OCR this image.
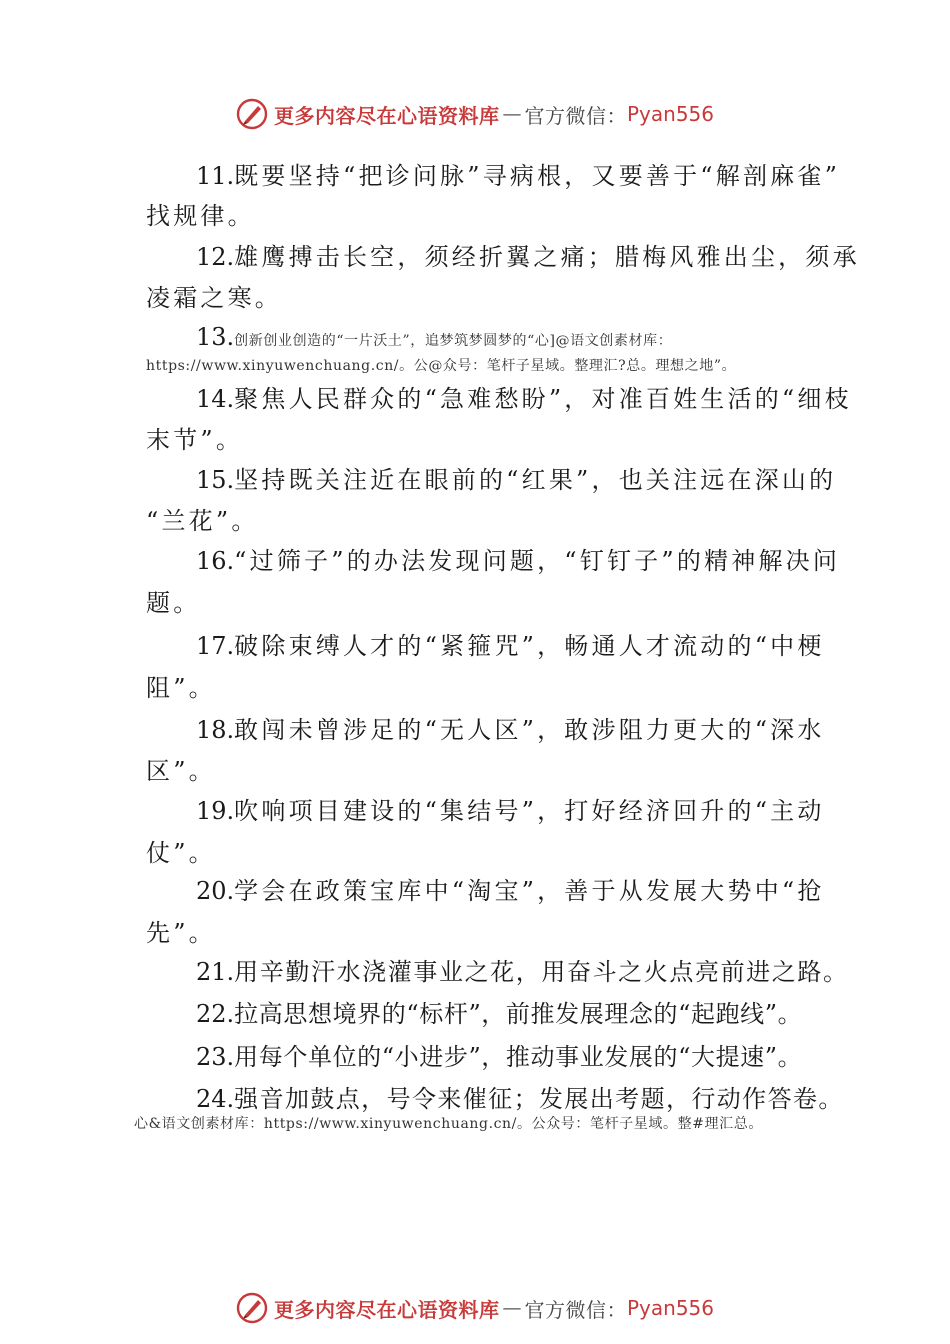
更多内容尽在心语资料库 — 官方微信： Pyan556
11.既要坚持“把诊问脉”寻病根，又要善于“解剖麻雀”
找规律。
12.雄鹰搏击长空，须经折翼之痛；腊梅风雅出尘，须承
凌霜之寒。
13.创新创业创造的“一片沃土”，追梦筑梦圆梦的“心]@语文创素材库：
https://www.xinyuwenchuang.cn/。公@众号：笔杆子星域。整理汇?总。理想之地”。
14.聚焦人民群众的“急难愁盼”，对准百姓生活的“细枝
末节”。
15.坚持既关注近在眼前的“红果”，也关注远在深山的
“兰花”。
16.“过筛子”的办法发现问题，“钉钉子”的精神解决问
题。
17.破除束缚人才的“紧箍咒”，畅通人才流动的“中梗
阻”。
18.敢闯未曾涉足的“无人区”，敢涉阻力更大的“深水
区”。
19.吹响项目建设的“集结号”，打好经济回升的“主动
仗”。
20.学会在政策宝库中“淘宝”，善于从发展大势中“抢
先”。
21.用辛勤汗水浇灌事业之花，用奋斗之火点亮前进之路。
22.拉高思想境界的“标杆”，前推发展理念的“起跑线”。
23.用每个单位的“小进步”，推动事业发展的“大提速”。
24.强音加鼓点，号令来催征；发展出考题，行动作答卷。
心&语文创素材库：https://www.xinyuwenchuang.cn/。公众号：笔杆子星域。整#理汇总。
更多内容尽在心语资料库 — 官方微信： Pyan556
